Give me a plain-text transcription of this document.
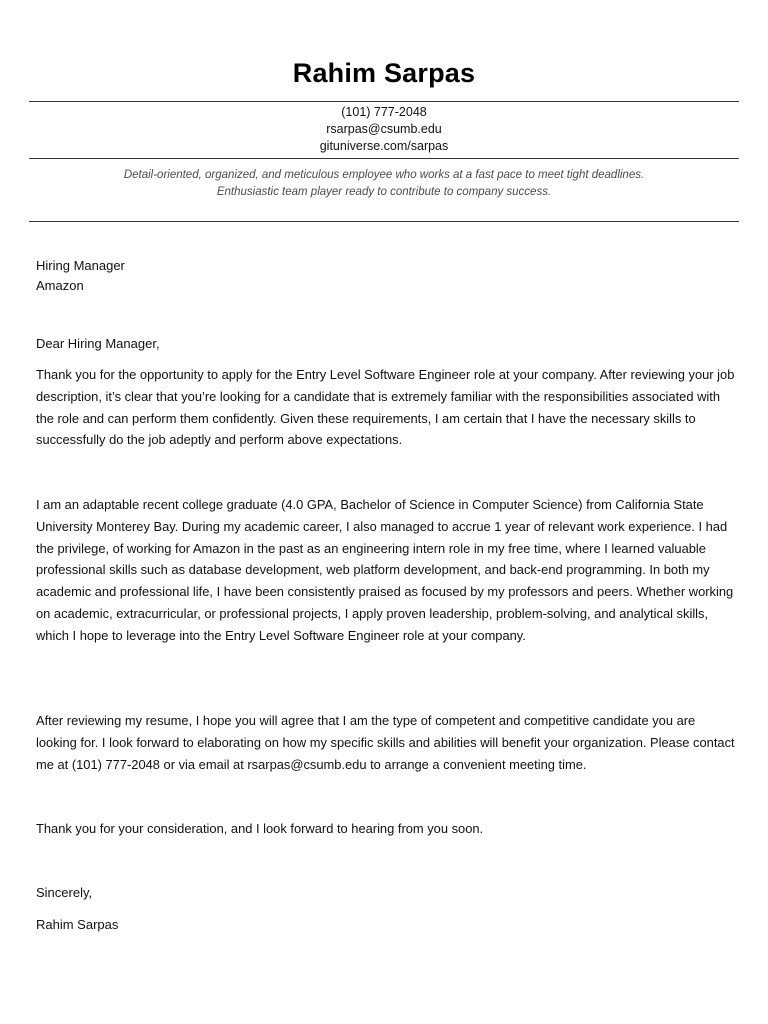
Rahim Sarpas
(101) 777-2048
rsarpas@csumb.edu
gituniverse.com/sarpas
Detail-oriented, organized, and meticulous employee who works at a fast pace to meet tight deadlines.
Enthusiastic team player ready to contribute to company success.
Hiring Manager
Amazon
Dear Hiring Manager,

Thank you for the opportunity to apply for the Entry Level Software Engineer role at your company. After reviewing your job description, it’s clear that you’re looking for a candidate that is extremely familiar with the responsibilities associated with the role and can perform them confidently. Given these requirements, I am certain that I have the necessary skills to successfully do the job adeptly and perform above expectations.

I am an adaptable recent college graduate (4.0 GPA, Bachelor of Science in Computer Science) from California State University Monterey Bay. During my academic career, I also managed to accrue 1 year of relevant work experience. I had the privilege, of working for Amazon in the past as an engineering intern role in my free time, where I learned valuable professional skills such as database development, web platform development, and back-end programming. In both my academic and professional life, I have been consistently praised as focused by my professors and peers. Whether working on academic, extracurricular, or professional projects, I apply proven leadership, problem-solving, and analytical skills, which I hope to leverage into the Entry Level Software Engineer role at your company.

After reviewing my resume, I hope you will agree that I am the type of competent and competitive candidate you are looking for. I look forward to elaborating on how my specific skills and abilities will benefit your organization. Please contact me at (101) 777-2048 or via email at rsarpas@csumb.edu to arrange a convenient meeting time.

Thank you for your consideration, and I look forward to hearing from you soon.

Sincerely,
Rahim Sarpas
